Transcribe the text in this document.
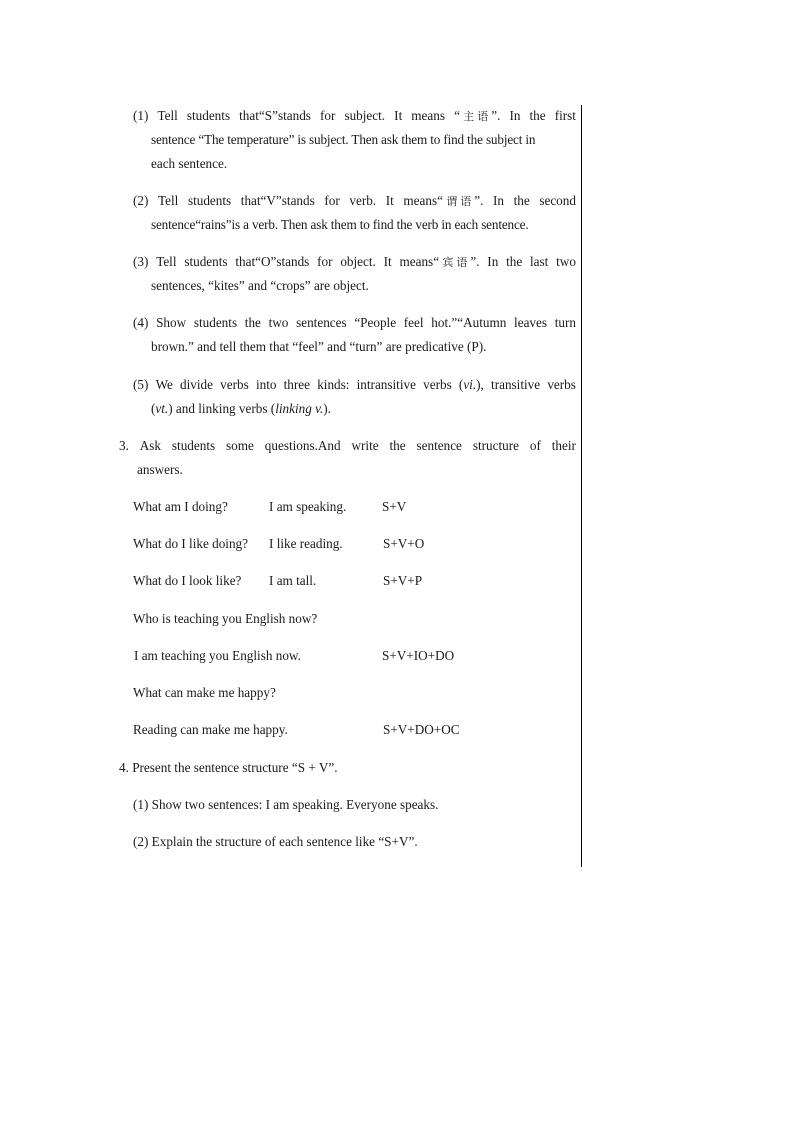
(1) Tell students that“S”stands for subject. It means “ 主语”. In the first
sentence “The temperature” is subject. Then ask them to find the subject in
each sentence.
(2) Tell students that“V”stands for verb. It means“ 谓语”. In the second
sentence“rains”is a verb. Then ask them to find the verb in each sentence.
(3) Tell students that“O”stands for object. It means“ 宾语”. In the last two
sentences, “kites” and “crops” are object.
(4) Show students the two sentences “People feel hot.”“Autumn leaves turn
brown.” and tell them that “feel” and “turn” are predicative (P).
(5) We divide verbs into three kinds: intransitive verbs (vi.), transitive verbs
(vt.) and linking verbs (linking v.).
3. Ask students some questions.And write the sentence structure of their
answers.
What am I doing?	I am speaking.	S+V
What do I like doing? I like reading.	S+V+O
What do I look like? I am tall.	S+V+P
Who is teaching you English now?
I am teaching you English now.	S+V+IO+DO
What can make me happy?
Reading can make me happy.	S+V+DO+OC
4. Present the sentence structure “S + V”.
(1) Show two sentences: I am speaking. Everyone speaks.
(2) Explain the structure of each sentence like “S+V”.
